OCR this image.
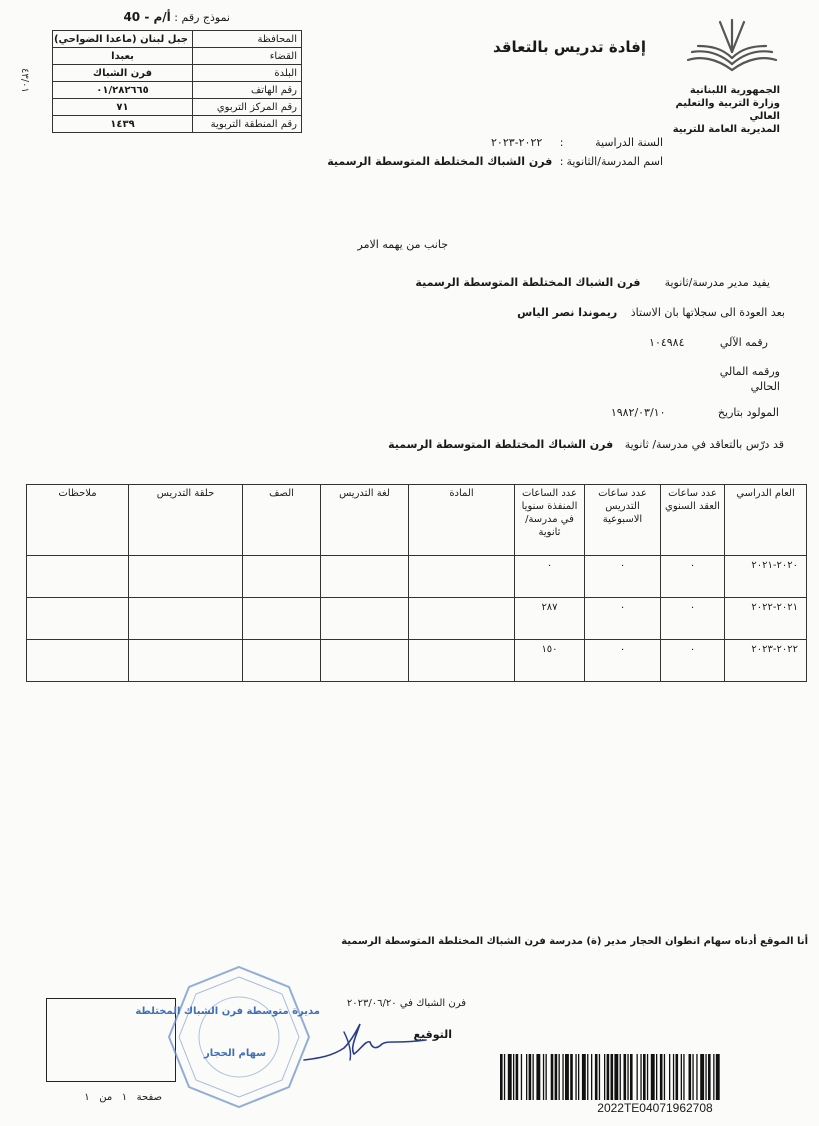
نموذج رقم : أ/م - 40
٤٣/٠١
المحافظة	جبل لبنان (ماعدا الضواحي)
القضاء	بعبدا
البلدة	فرن الشباك
رقم الهاتف	٠١/٢٨٢٦٦٥
رقم المركز التربوي	٧١
رقم المنطقة التربوية	١٤٣٩
إفادة تدريس بالتعاقد
الجمهورية اللبنانية
وزارة التربية والتعليم العالي
المديرية العامة للتربية
السنة الدراسية : ٢٠٢٢-٢٠٢٣
اسم المدرسة/الثانوية : فرن الشباك المختلطة المتوسطة الرسمية
جانب من يهمه الامر
يفيد مدير مدرسة/ثانوية فرن الشباك المختلطة المتوسطة الرسمية
بعد العودة الى سجلاتها بان الاستاذ ريموندا نصر الياس
رقمه الآلي ١٠٤٩٨٤
ورقمه المالي
الحالي
المولود بتاريخ ١٩٨٢/٠٣/١٠
قد درّس بالتعاقد في مدرسة/ ثانوية فرن الشباك المختلطة المتوسطة الرسمية
العام الدراسي	عدد ساعات العقد السنوي	عدد ساعات التدريس الاسبوعية	عدد الساعات المنفذة سنويا في مدرسة/ثانوية	المادة	لغة التدريس	الصف	حلقة التدريس	ملاحظات
٢٠٢٠-٢٠٢١	٠	٠	٠					
٢٠٢١-٢٠٢٢	٠	٠	٢٨٧					
٢٠٢٢-٢٠٢٣	٠	٠	١٥٠					
أنا الموقع أدناه سهام انطوان الحجار مدير (ة) مدرسة فرن الشباك المختلطة المتوسطة الرسمية
فرن الشباك في ٢٠٢٣/٠٦/٢٠
التوقيع
مديرة متوسطة فرن الشباك المختلطة
سهام الحجار
صفحة   ١   من   ١
2022TE04071962708
